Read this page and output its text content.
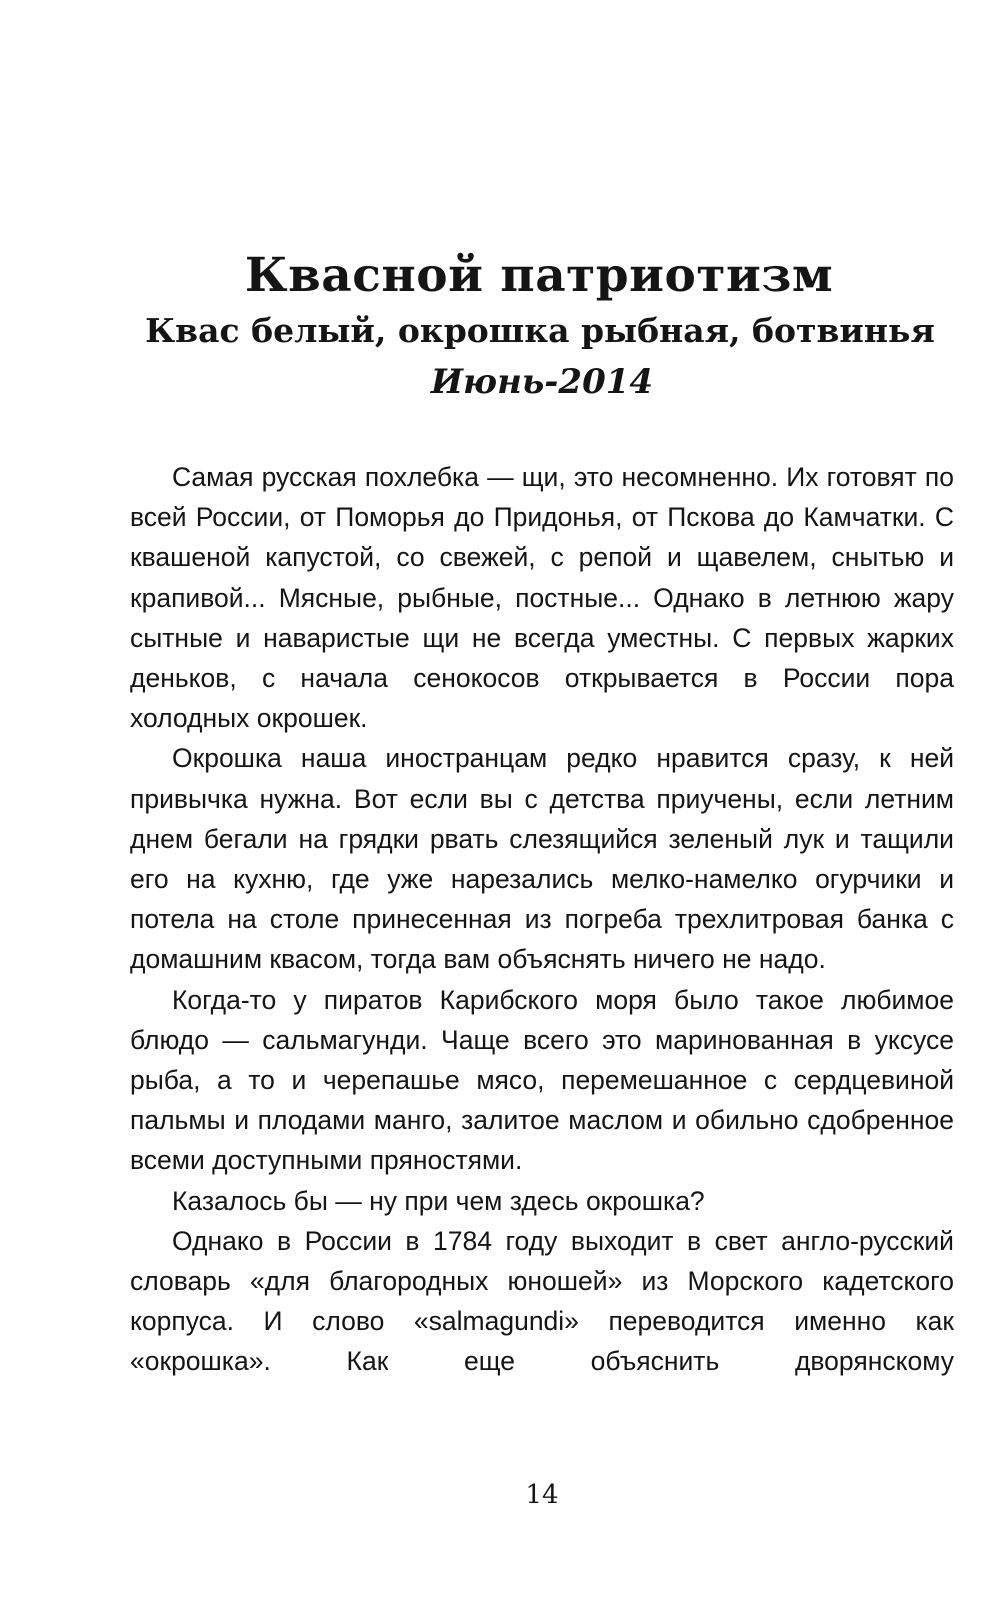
Квасной патриотизм
Квас белый, окрошка рыбная, ботвинья
Июнь-2014

Самая русская похлебка — щи, это несомненно. Их готовят по всей России, от Поморья до Придонья, от Пскова до Камчатки. С квашеной капустой, со свежей, с репой и щавелем, снытью и крапивой... Мясные, рыбные, постные... Однако в летнюю жару сытные и наваристые щи не всегда уместны. С первых жарких деньков, с начала сенокосов открывается в России пора холодных окрошек.

Окрошка наша иностранцам редко нравится сразу, к ней привычка нужна. Вот если вы с детства приучены, если летним днем бегали на грядки рвать слезящийся зеленый лук и тащили его на кухню, где уже нарезались мелко-намелко огурчики и потела на столе принесенная из погреба трехлитровая банка с домашним квасом, тогда вам объяснять ничего не надо.

Когда-то у пиратов Карибского моря было такое любимое блюдо — сальмагунди. Чаще всего это маринованная в уксусе рыба, а то и черепашье мясо, перемешанное с сердцевиной пальмы и плодами манго, залитое маслом и обильно сдобренное всеми доступными пряностями.

Казалось бы — ну при чем здесь окрошка?

Однако в России в 1784 году выходит в свет англо-русский словарь «для благородных юношей» из Морского кадетского корпуса. И слово «salmagundi» переводится именно как «окрошка». Как еще объяснить дворянскому

14
